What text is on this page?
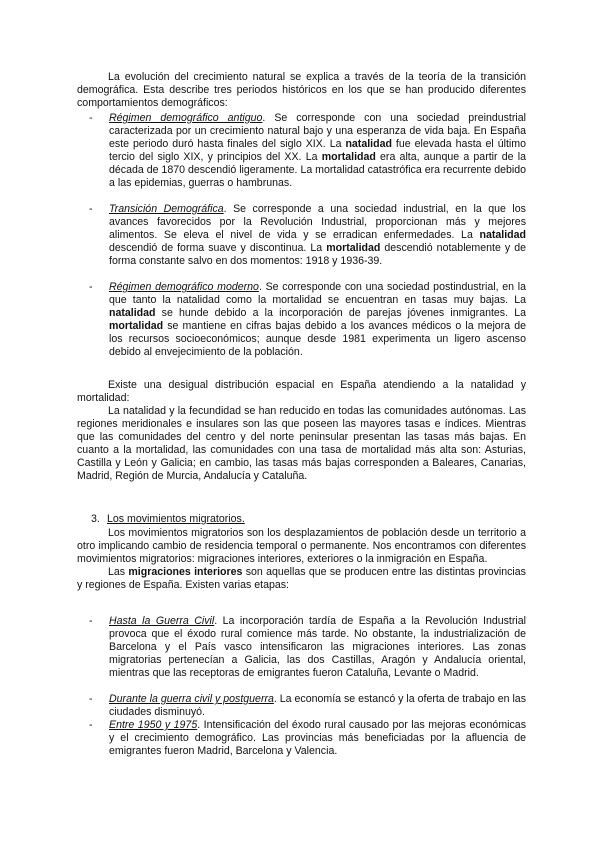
La evolución del crecimiento natural se explica a través de la teoría de la transición demográfica. Esta describe tres periodos históricos en los que se han producido diferentes comportamientos demográficos:

- Régimen demográfico antiguo. Se corresponde con una sociedad preindustrial caracterizada por un crecimiento natural bajo y una esperanza de vida baja. En España este periodo duró hasta finales del siglo XIX. La natalidad fue elevada hasta el último tercio del siglo XIX, y principios del XX. La mortalidad era alta, aunque a partir de la década de 1870 descendió ligeramente. La mortalidad catastrófica era recurrente debido a las epidemias, guerras o hambrunas.

- Transición Demográfica. Se corresponde a una sociedad industrial, en la que los avances favorecidos por la Revolución Industrial, proporcionan más y mejores alimentos. Se eleva el nivel de vida y se erradican enfermedades. La natalidad descendió de forma suave y discontinua. La mortalidad descendió notablemente y de forma constante salvo en dos momentos: 1918 y 1936-39.

- Régimen demográfico moderno. Se corresponde con una sociedad postindustrial, en la que tanto la natalidad como la mortalidad se encuentran en tasas muy bajas. La natalidad se hunde debido a la incorporación de parejas jóvenes inmigrantes. La mortalidad se mantiene en cifras bajas debido a los avances médicos o la mejora de los recursos socioeconómicos; aunque desde 1981 experimenta un ligero ascenso debido al envejecimiento de la población.

Existe una desigual distribución espacial en España atendiendo a la natalidad y mortalidad:

La natalidad y la fecundidad se han reducido en todas las comunidades autónomas. Las regiones meridionales e insulares son las que poseen las mayores tasas e índices. Mientras que las comunidades del centro y del norte peninsular presentan las tasas más bajas. En cuanto a la mortalidad, las comunidades con una tasa de mortalidad más alta son: Asturias, Castilla y León y Galicia; en cambio, las tasas más bajas corresponden a Baleares, Canarias, Madrid, Región de Murcia, Andalucía y Cataluña.

3. Los movimientos migratorios.

Los movimientos migratorios son los desplazamientos de población desde un territorio a otro implicando cambio de residencia temporal o permanente. Nos encontramos con diferentes movimientos migratorios: migraciones interiores, exteriores o la inmigración en España.

Las migraciones interiores son aquellas que se producen entre las distintas provincias y regiones de España. Existen varias etapas:

- Hasta la Guerra Civil. La incorporación tardía de España a la Revolución Industrial provoca que el éxodo rural comience más tarde. No obstante, la industrialización de Barcelona y el País vasco intensificaron las migraciones interiores. Las zonas migratorias pertenecían a Galicia, las dos Castillas, Aragón y Andalucía oriental, mientras que las receptoras de emigrantes fueron Cataluña, Levante o Madrid.

- Durante la guerra civil y postguerra. La economía se estancó y la oferta de trabajo en las ciudades disminuyó.

- Entre 1950 y 1975. Intensificación del éxodo rural causado por las mejoras económicas y el crecimiento demográfico. Las provincias más beneficiadas por la afluencia de emigrantes fueron Madrid, Barcelona y Valencia.
